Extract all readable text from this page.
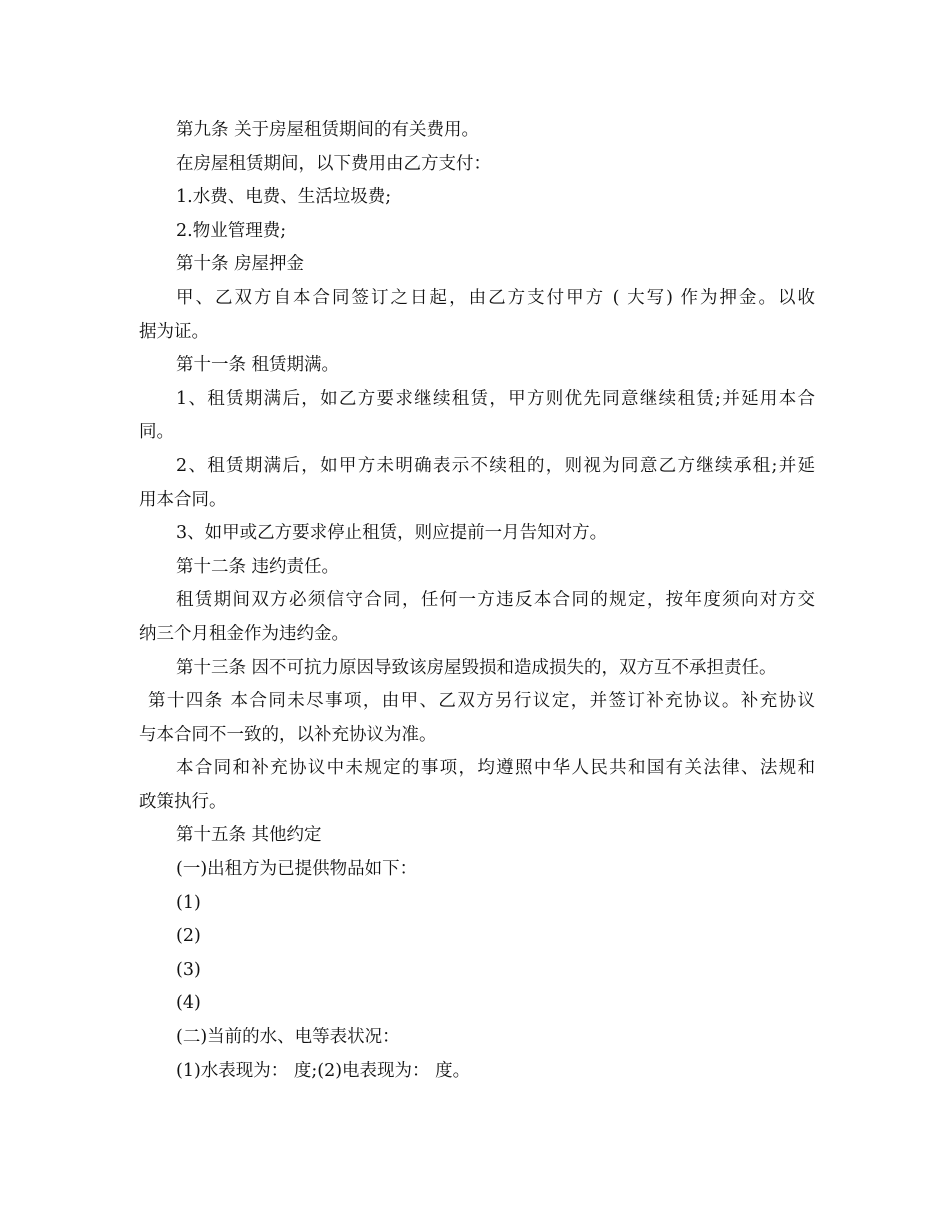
第九条 关于房屋租赁期间的有关费用。
在房屋租赁期间，以下费用由乙方支付：
1.水费、电费、生活垃圾费;
2.物业管理费;
第十条 房屋押金
甲、乙双方自本合同签订之日起，由乙方支付甲方 ( 大写) 作为押金。以收
据为证。
第十一条 租赁期满。
1、租赁期满后，如乙方要求继续租赁，甲方则优先同意继续租赁;并延用本合
同。
2、租赁期满后，如甲方未明确表示不续租的，则视为同意乙方继续承租;并延
用本合同。
3、如甲或乙方要求停止租赁，则应提前一月告知对方。
第十二条 违约责任。
租赁期间双方必须信守合同，任何一方违反本合同的规定，按年度须向对方交
纳三个月租金作为违约金。
第十三条 因不可抗力原因导致该房屋毁损和造成损失的，双方互不承担责任。
第十四条 本合同未尽事项，由甲、乙双方另行议定，并签订补充协议。补充协议
与本合同不一致的，以补充协议为准。
本合同和补充协议中未规定的事项，均遵照中华人民共和国有关法律、法规和
政策执行。
第十五条 其他约定
(一)出租方为已提供物品如下：
(1)
(2)
(3)
(4)
(二)当前的水、电等表状况：
(1)水表现为： 度;(2)电表现为： 度。
